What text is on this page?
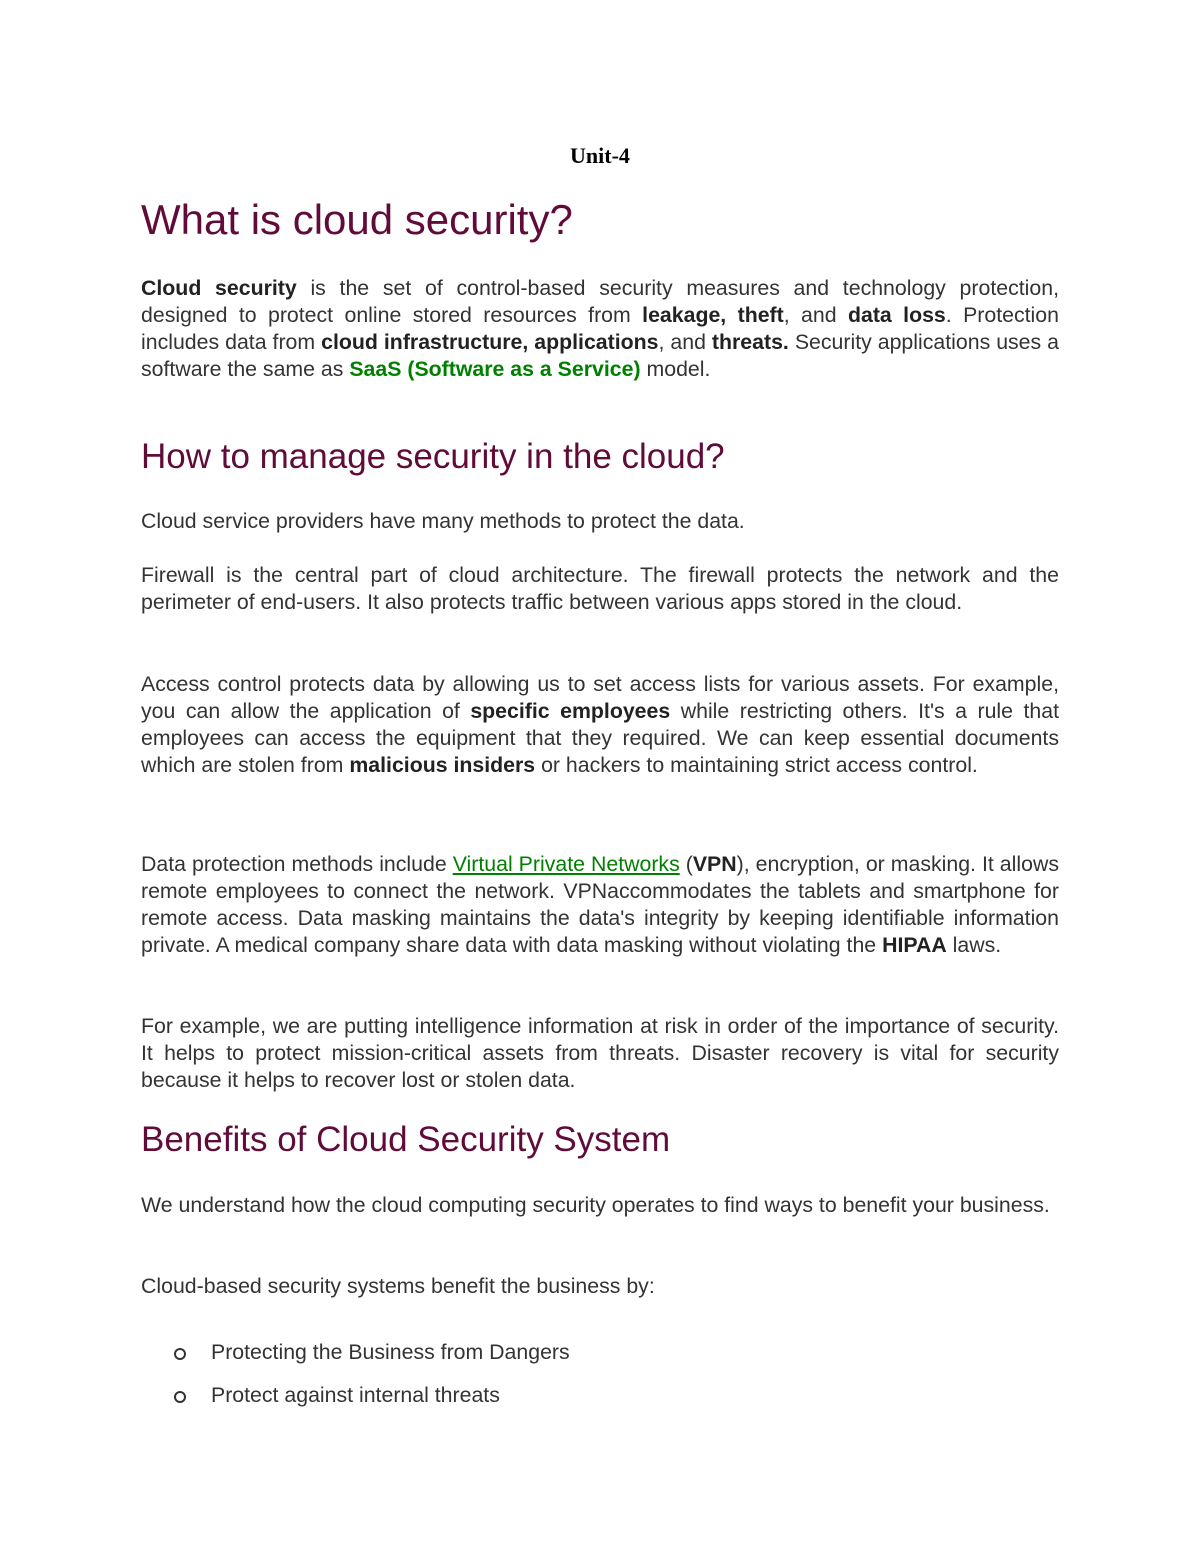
Unit-4
What is cloud security?

Cloud security is the set of control-based security measures and technology protection, designed to protect online stored resources from leakage, theft, and data loss. Protection includes data from cloud infrastructure, applications, and threats. Security applications uses a software the same as SaaS (Software as a Service) model.

How to manage security in the cloud?

Cloud service providers have many methods to protect the data.

Firewall is the central part of cloud architecture. The firewall protects the network and the perimeter of end-users. It also protects traffic between various apps stored in the cloud.

Access control protects data by allowing us to set access lists for various assets. For example, you can allow the application of specific employees while restricting others. It's a rule that employees can access the equipment that they required. We can keep essential documents which are stolen from malicious insiders or hackers to maintaining strict access control.

Data protection methods include Virtual Private Networks (VPN), encryption, or masking. It allows remote employees to connect the network. VPNaccommodates the tablets and smartphone for remote access. Data masking maintains the data's integrity by keeping identifiable information private. A medical company share data with data masking without violating the HIPAA laws.

For example, we are putting intelligence information at risk in order of the importance of security. It helps to protect mission-critical assets from threats. Disaster recovery is vital for security because it helps to recover lost or stolen data.

Benefits of Cloud Security System

We understand how the cloud computing security operates to find ways to benefit your business.

Cloud-based security systems benefit the business by:

Protecting the Business from Dangers
Protect against internal threats
